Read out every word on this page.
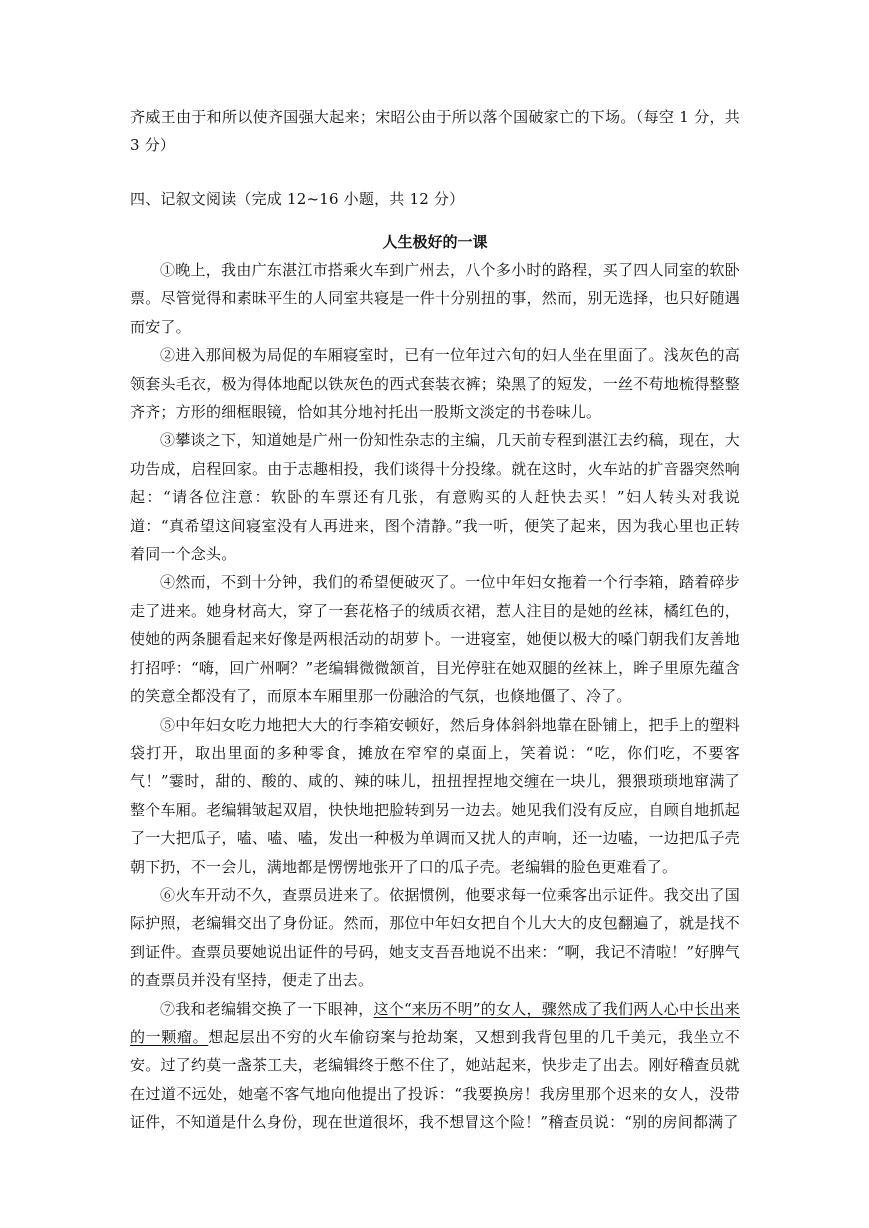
齐威王由于和所以使齐国强大起来；宋昭公由于所以落个国破家亡的下场。（每空 1 分，共 3 分）
四、记叙文阅读（完成 12~16 小题，共 12 分）
人生极好的一课

①晚上，我由广东湛江市搭乘火车到广州去，八个多小时的路程，买了四人同室的软卧票。尽管觉得和素昧平生的人同室共寝是一件十分别扭的事，然而，别无选择，也只好随遇而安了。

②进入那间极为局促的车厢寝室时，已有一位年过六旬的妇人坐在里面了。浅灰色的高领套头毛衣，极为得体地配以铁灰色的西式套装衣裤；染黑了的短发，一丝不苟地梳得整整齐齐；方形的细框眼镜，恰如其分地衬托出一股斯文淡定的书卷味儿。

③攀谈之下，知道她是广州一份知性杂志的主编，几天前专程到湛江去约稿，现在，大功告成，启程回家。由于志趣相投，我们谈得十分投缘。就在这时，火车站的扩音器突然响起：“请各位注意：软卧的车票还有几张，有意购买的人赶快去买！”妇人转头对我说道：“真希望这间寝室没有人再进来，图个清静。”我一听，便笑了起来，因为我心里也正转着同一个念头。

④然而，不到十分钟，我们的希望便破灭了。一位中年妇女拖着一个行李箱，踏着碎步走了进来。她身材高大，穿了一套花格子的绒质衣裙，惹人注目的是她的丝袜，橘红色的，使她的两条腿看起来好像是两根活动的胡萝卜。一进寝室，她便以极大的嗓门朝我们友善地打招呼：“嗨，回广州啊？”老编辑微微颔首，目光停驻在她双腿的丝袜上，眸子里原先蕴含的笑意全都没有了，而原本车厢里那一份融洽的气氛，也倏地僵了、冷了。

⑤中年妇女吃力地把大大的行李箱安顿好，然后身体斜斜地靠在卧铺上，把手上的塑料袋打开，取出里面的多种零食，摊放在窄窄的桌面上，笑着说：“吃，你们吃，不要客气！”霎时，甜的、酸的、咸的、辣的味儿，扭扭捏捏地交缠在一块儿，猥猥琐琐地窜满了整个车厢。老编辑皱起双眉，快快地把脸转到另一边去。她见我们没有反应，自顾自地抓起了一大把瓜子，嗑、嗑、嗑，发出一种极为单调而又扰人的声响，还一边嗑，一边把瓜子壳朝下扔，不一会儿，满地都是愣愣地张开了口的瓜子壳。老编辑的脸色更难看了。

⑥火车开动不久，查票员进来了。依据惯例，他要求每一位乘客出示证件。我交出了国际护照，老编辑交出了身份证。然而，那位中年妇女把自个儿大大的皮包翻遍了，就是找不到证件。查票员要她说出证件的号码，她支支吾吾地说不出来：“啊，我记不清啦！”好脾气的查票员并没有坚持，便走了出去。

⑦我和老编辑交换了一下眼神，这个“来历不明”的女人，骤然成了我们两人心中长出来的一颗瘤。想起层出不穷的火车偷窃案与抢劫案，又想到我背包里的几千美元，我坐立不安。过了约莫一盏茶工夫，老编辑终于憋不住了，她站起来，快步走了出去。刚好稽查员就在过道不远处，她毫不客气地向他提出了投诉：“我要换房！我房里那个迟来的女人，没带证件，不知道是什么身份，现在世道很坏，我不想冒这个险！”稽查员说：“别的房间都满了
